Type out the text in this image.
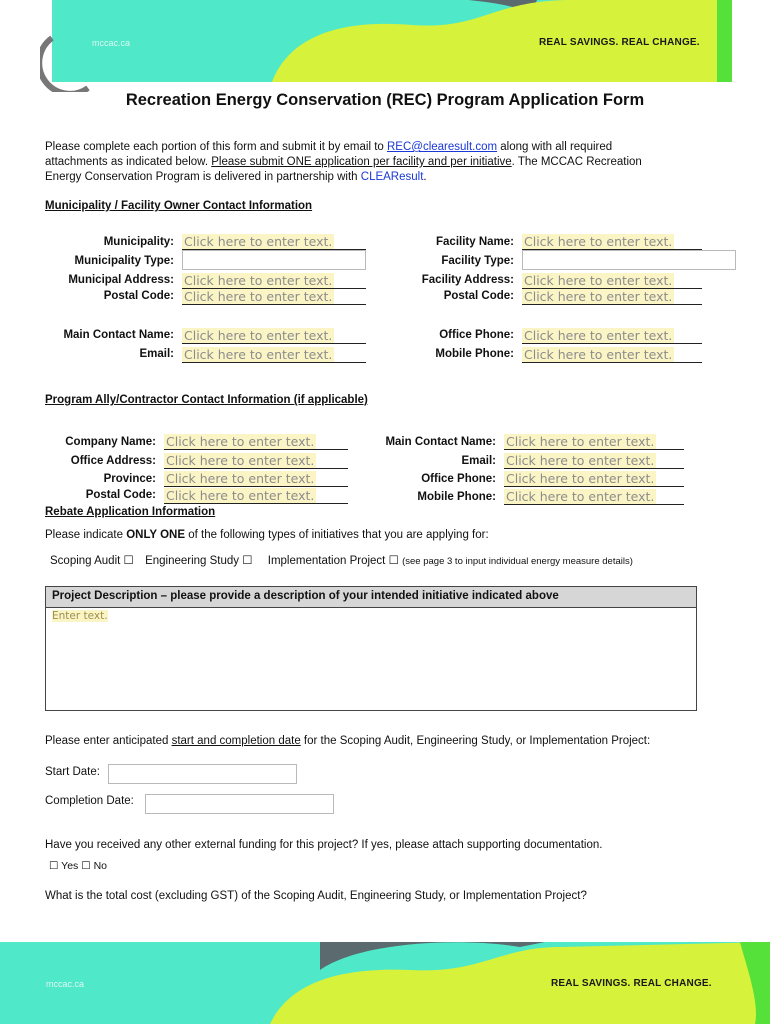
mccac.ca	REAL SAVINGS. REAL CHANGE.
Recreation Energy Conservation (REC) Program Application Form
Please complete each portion of this form and submit it by email to REC@clearesult.com along with all required
attachments as indicated below. Please submit ONE application per facility and per initiative. The MCCAC Recreation
Energy Conservation Program is delivered in partnership with CLEAResult.
Municipality / Facility Owner Contact Information
Municipality: Click here to enter text.
Municipality Type:
Municipal Address: Click here to enter text.
Postal Code: Click here to enter text.
Facility Name: Click here to enter text.
Facility Type:
Facility Address: Click here to enter text.
Postal Code: Click here to enter text.
Main Contact Name: Click here to enter text.
Email: Click here to enter text.
Office Phone: Click here to enter text.
Mobile Phone: Click here to enter text.
Program Ally/Contractor Contact Information (if applicable)
Company Name: Click here to enter text.
Office Address: Click here to enter text.
Province: Click here to enter text.
Postal Code: Click here to enter text.
Main Contact Name: Click here to enter text.
Email: Click here to enter text.
Office Phone: Click here to enter text.
Mobile Phone: Click here to enter text.
Rebate Application Information
Please indicate ONLY ONE of the following types of initiatives that you are applying for:
Scoping Audit ☐ Engineering Study ☐ Implementation Project ☐ (see page 3 to input individual energy measure details)
Project Description – please provide a description of your intended initiative indicated above
Enter text.
Please enter anticipated start and completion date for the Scoping Audit, Engineering Study, or Implementation Project:
Start Date:
Completion Date:
Have you received any other external funding for this project? If yes, please attach supporting documentation.
☐ Yes ☐ No
What is the total cost (excluding GST) of the Scoping Audit, Engineering Study, or Implementation Project?
mccac.ca	REAL SAVINGS. REAL CHANGE.
